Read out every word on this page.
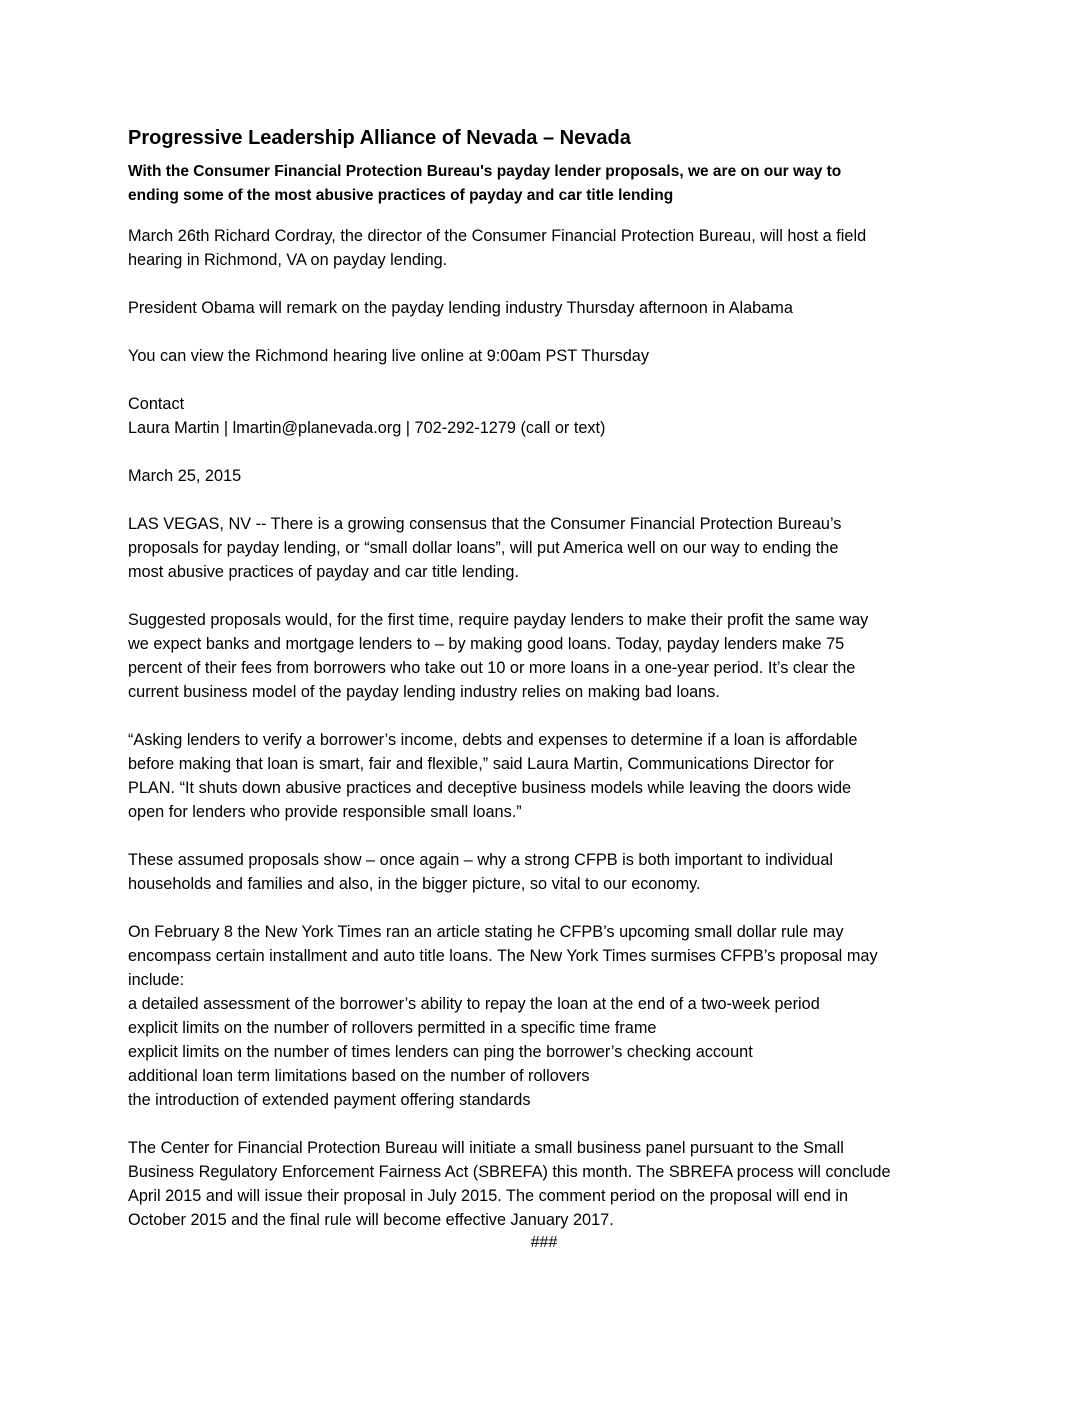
Progressive Leadership Alliance of Nevada – Nevada
With the Consumer Financial Protection Bureau's payday lender proposals, we are on our way to
ending some of the most abusive practices of payday and car title lending

March 26th Richard Cordray, the director of the Consumer Financial Protection Bureau, will host a field
hearing in Richmond, VA on payday lending.

President Obama will remark on the payday lending industry Thursday afternoon in Alabama

You can view the Richmond hearing live online at 9:00am PST Thursday

Contact
Laura Martin | lmartin@planevada.org | 702-292-1279 (call or text)

March 25, 2015

LAS VEGAS, NV -- There is a growing consensus that the Consumer Financial Protection Bureau’s
proposals for payday lending, or “small dollar loans”, will put America well on our way to ending the
most abusive practices of payday and car title lending.

Suggested proposals would, for the first time, require payday lenders to make their profit the same way
we expect banks and mortgage lenders to – by making good loans. Today, payday lenders make 75
percent of their fees from borrowers who take out 10 or more loans in a one-year period. It’s clear the
current business model of the payday lending industry relies on making bad loans.

“Asking lenders to verify a borrower’s income, debts and expenses to determine if a loan is affordable
before making that loan is smart, fair and flexible,” said Laura Martin, Communications Director for
PLAN. “It shuts down abusive practices and deceptive business models while leaving the doors wide
open for lenders who provide responsible small loans.”

These assumed proposals show – once again – why a strong CFPB is both important to individual
households and families and also, in the bigger picture, so vital to our economy.

On February 8 the New York Times ran an article stating he CFPB’s upcoming small dollar rule may
encompass certain installment and auto title loans. The New York Times surmises CFPB’s proposal may
include:
a detailed assessment of the borrower’s ability to repay the loan at the end of a two-week period
explicit limits on the number of rollovers permitted in a specific time frame
explicit limits on the number of times lenders can ping the borrower’s checking account
additional loan term limitations based on the number of rollovers
the introduction of extended payment offering standards

The Center for Financial Protection Bureau will initiate a small business panel pursuant to the Small
Business Regulatory Enforcement Fairness Act (SBREFA) this month. The SBREFA process will conclude
April 2015 and will issue their proposal in July 2015. The comment period on the proposal will end in
October 2015 and the final rule will become effective January 2017.

###
